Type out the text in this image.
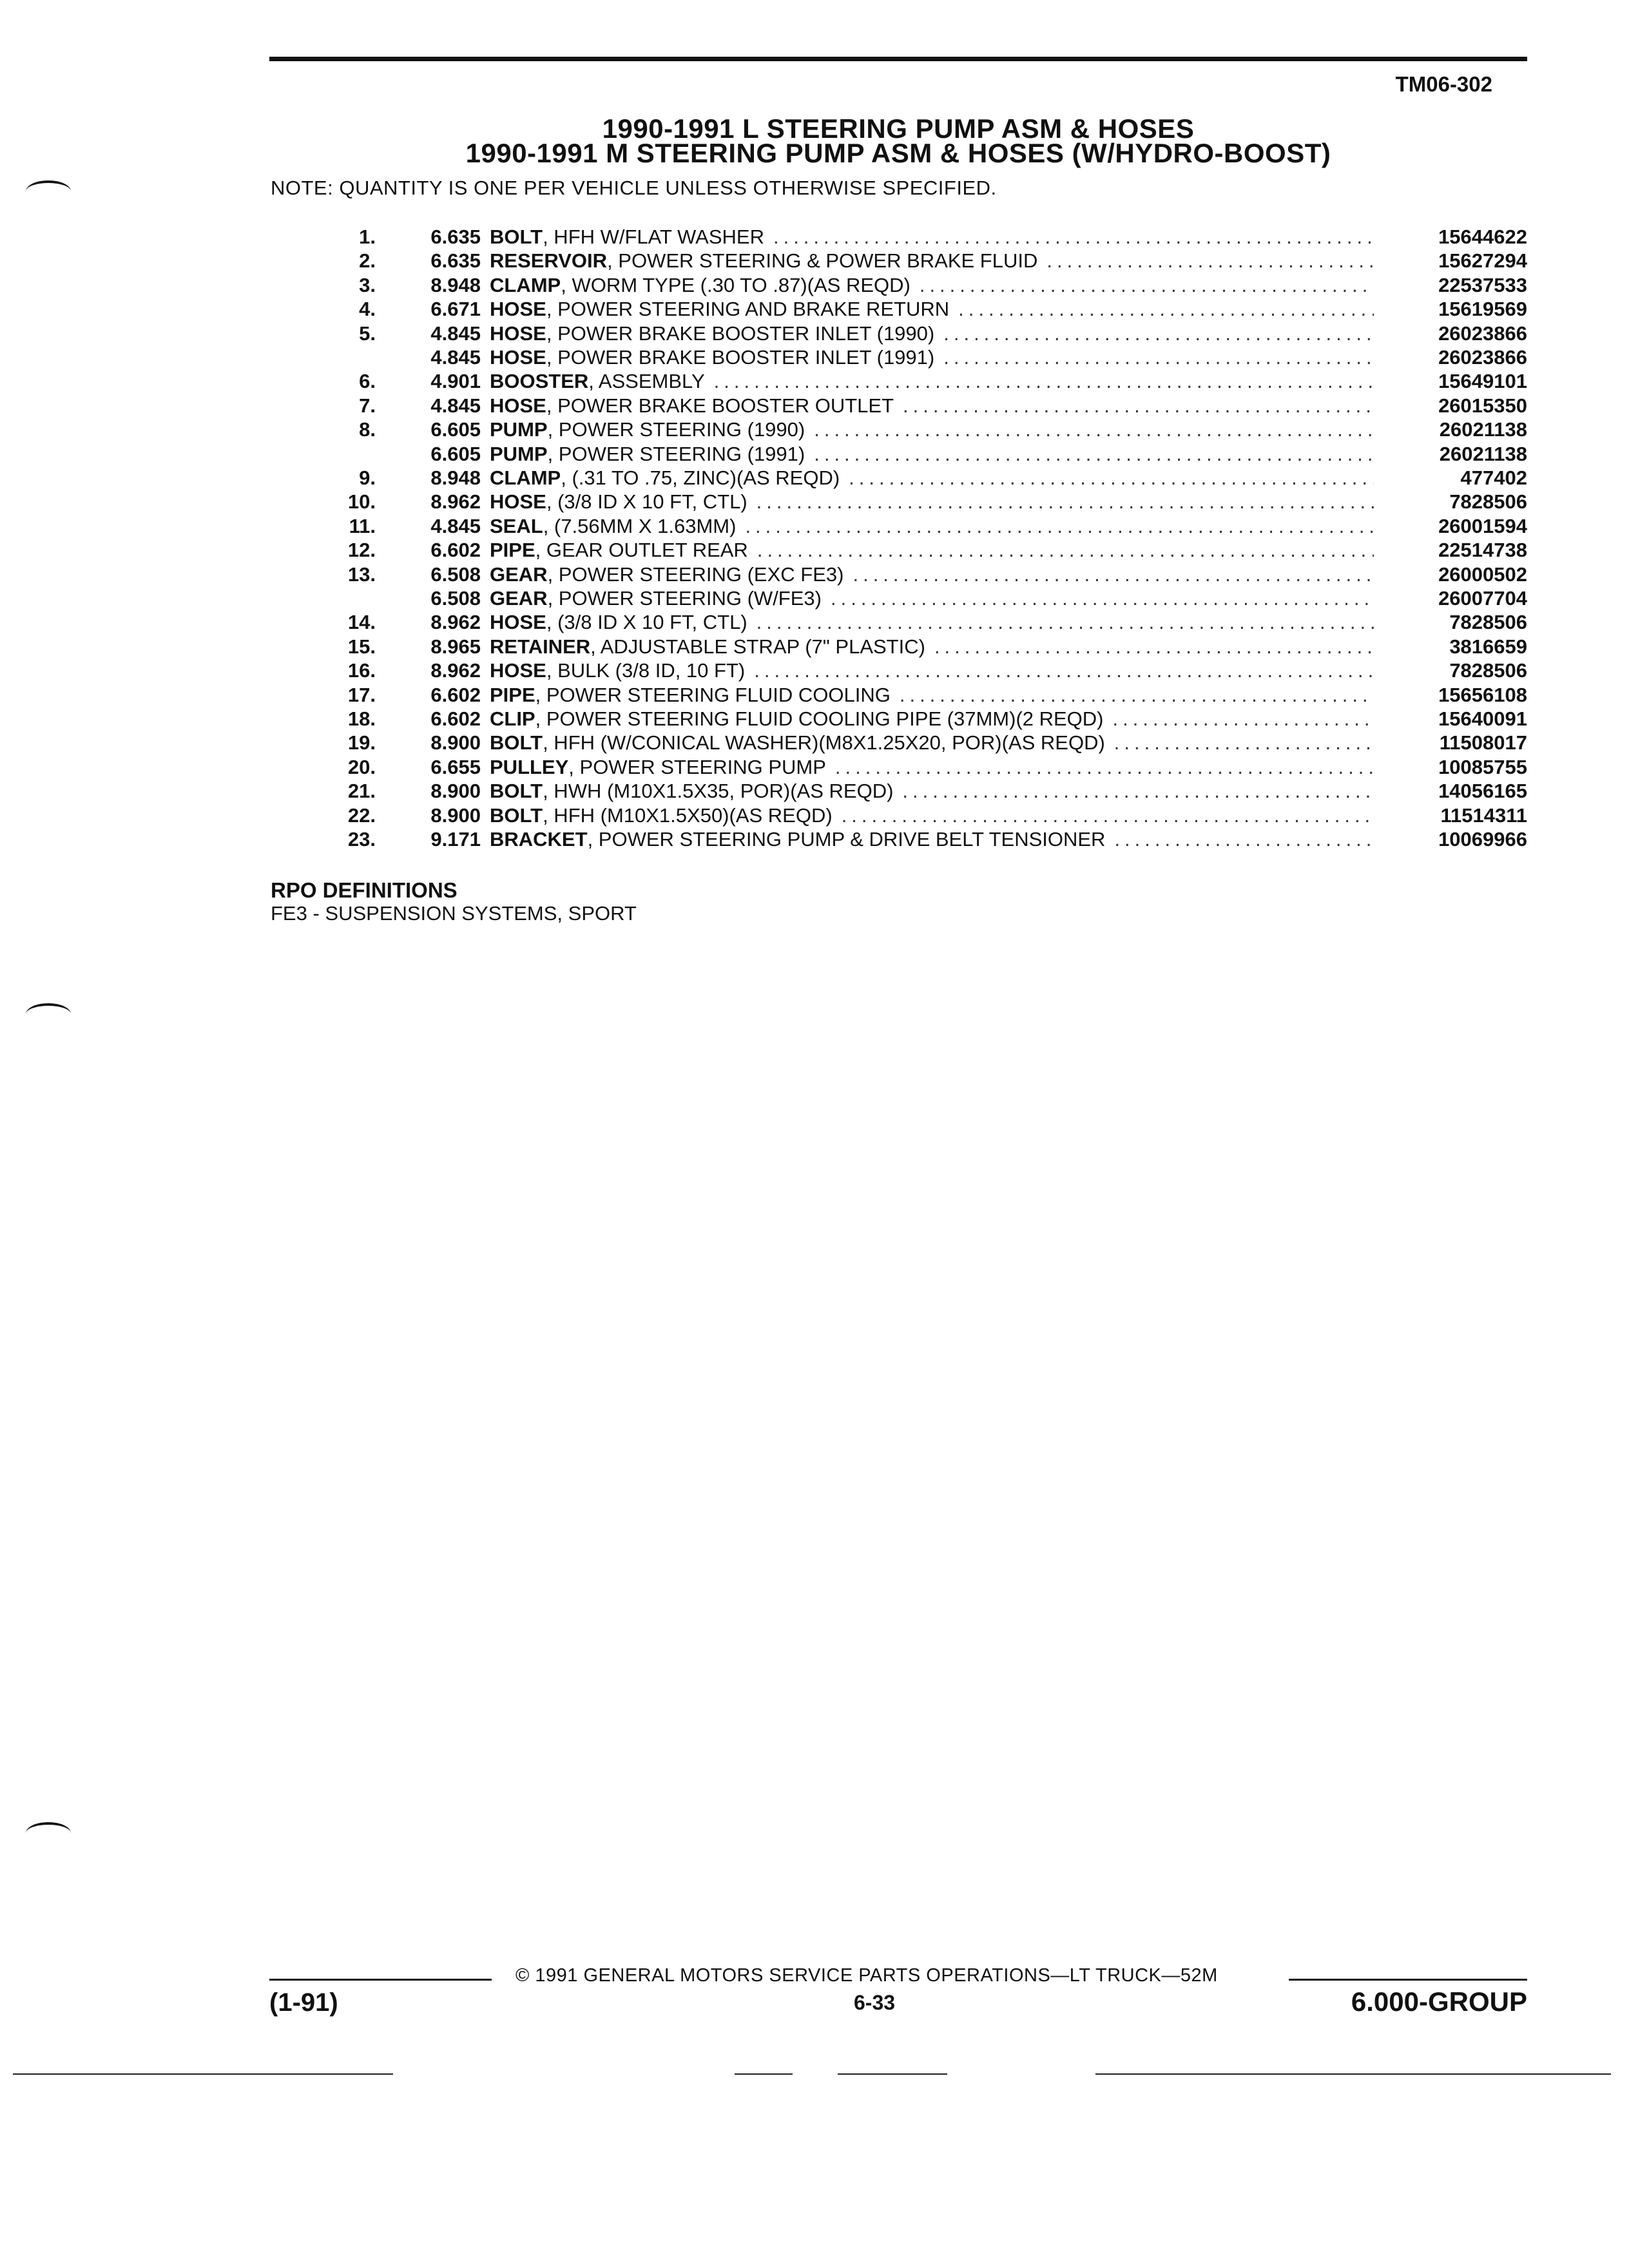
TM06-302
1990-1991 L STEERING PUMP ASM & HOSES
1990-1991 M STEERING PUMP ASM & HOSES (W/HYDRO-BOOST)
NOTE: QUANTITY IS ONE PER VEHICLE UNLESS OTHERWISE SPECIFIED.
1.	6.635 BOLT , HFH W/FLAT WASHER .....	15644622
2.	6.635 RESERVOIR , POWER STEERING & POWER BRAKE FLUID .....	15627294
3.	8.948 CLAMP , WORM TYPE (.30 TO .87)(AS REQD) .....	22537533
4.	6.671 HOSE , POWER STEERING AND BRAKE RETURN .....	15619569
5.	4.845 HOSE , POWER BRAKE BOOSTER INLET (1990) .....	26023866
4.845 HOSE , POWER BRAKE BOOSTER INLET (1991) .....	26023866
6.	4.901 BOOSTER , ASSEMBLY .....	15649101
7.	4.845 HOSE , POWER BRAKE BOOSTER OUTLET .....	26015350
8.	6.605 PUMP , POWER STEERING (1990) .....	26021138
6.605 PUMP , POWER STEERING (1991) .....	26021138
9.	8.948 CLAMP , (.31 TO .75, ZINC)(AS REQD) .....	477402
10.	8.962 HOSE , (3/8 ID X 10 FT, CTL) .....	7828506
11.	4.845 SEAL , (7.56MM X 1.63MM) .....	26001594
12.	6.602 PIPE , GEAR OUTLET REAR .....	22514738
13.	6.508 GEAR , POWER STEERING (EXC FE3) .....	26000502
6.508 GEAR , POWER STEERING (W/FE3) .....	26007704
14.	8.962 HOSE , (3/8 ID X 10 FT, CTL) .....	7828506
15.	8.965 RETAINER , ADJUSTABLE STRAP (7" PLASTIC) .....	3816659
16.	8.962 HOSE , BULK (3/8 ID, 10 FT) .....	7828506
17.	6.602 PIPE , POWER STEERING FLUID COOLING .....	15656108
18.	6.602 CLIP , POWER STEERING FLUID COOLING PIPE (37MM)(2 REQD) .....	15640091
19.	8.900 BOLT , HFH (W/CONICAL WASHER)(M8X1.25X20, POR)(AS REQD) .....	11508017
20.	6.655 PULLEY , POWER STEERING PUMP .....	10085755
21.	8.900 BOLT , HWH (M10X1.5X35, POR)(AS REQD) .....	14056165
22.	8.900 BOLT , HFH (M10X1.5X50)(AS REQD) .....	11514311
23.	9.171 BRACKET , POWER STEERING PUMP & DRIVE BELT TENSIONER .....	10069966
RPO DEFINITIONS
FE3 - SUSPENSION SYSTEMS, SPORT
© 1991 GENERAL MOTORS SERVICE PARTS OPERATIONS—LT TRUCK—52M
(1-91)	6-33	6.000-GROUP
